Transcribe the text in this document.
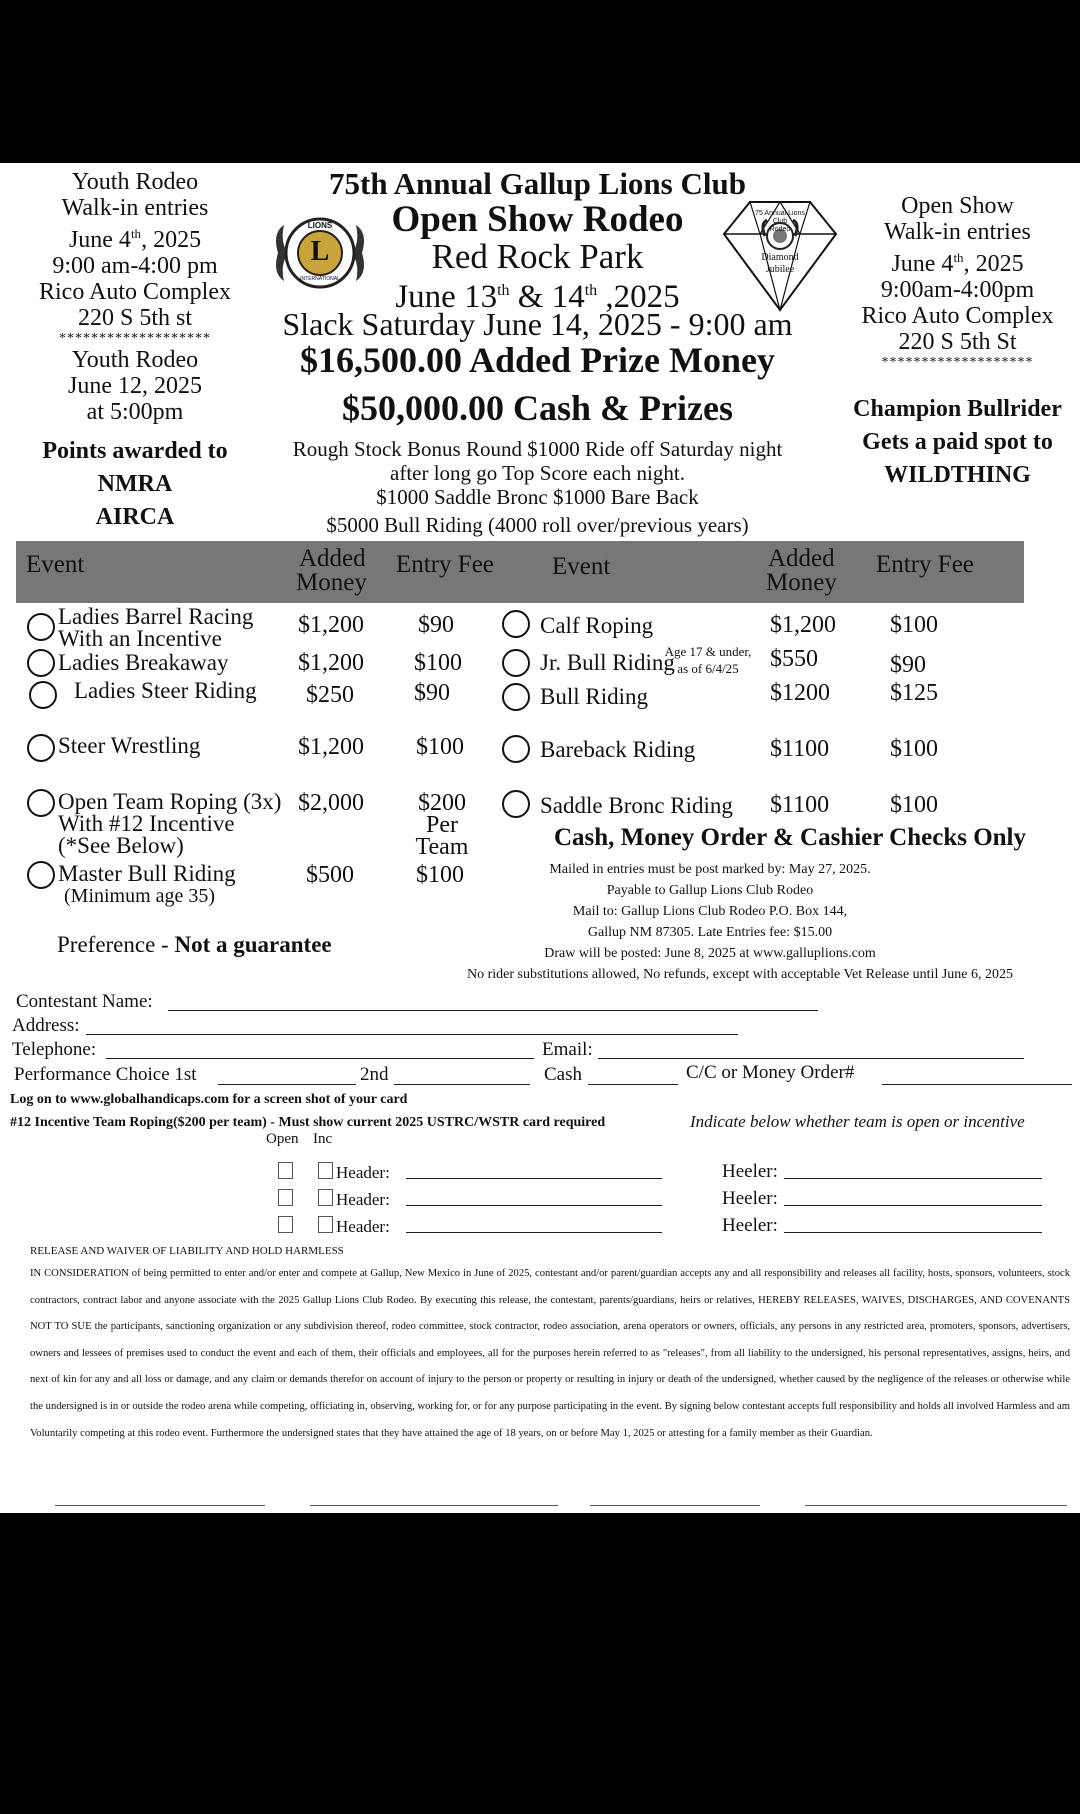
Youth Rodeo
Walk-in entries
June 4th, 2025
9:00 am-4:00 pm
Rico Auto Complex
220 S 5th st
*******************
Youth Rodeo
June 12, 2025
at 5:00pm
Points awarded to
NMRA
AIRCA
Open Show
Walk-in entries
June 4th, 2025
9:00am-4:00pm
Rico Auto Complex
220 S 5th St
*******************
Champion Bullrider
Gets a paid spot to
WILDTHING
L
LIONS
INTERNATIONAL
75 Annual Lions Club
Rodeo
Diamond
Jubilee
75th Annual Gallup Lions Club
Open Show Rodeo
Red Rock Park
June 13th & 14th ,2025
Slack Saturday June 14, 2025 - 9:00 am
$16,500.00 Added Prize Money
$50,000.00 Cash & Prizes
Rough Stock Bonus Round $1000 Ride off Saturday night
after long go Top Score each night.
$1000 Saddle Bronc $1000 Bare Back
$5000 Bull Riding (4000 roll over/previous years)
Event	Added
Money
Entry Fee Event	Added
Money
Entry Fee
Ladies Barrel Racing
With an Incentive
$1,200 $90
Ladies Breakaway	$1,200 $100
Ladies Steer Riding $250	$90
Steer Wrestling	$1,200 $100
Open Team Roping (3x)
With #12 Incentive
(*See Below)
$2,000	$200
Per
Team
Master Bull Riding
(Minimum age 35)
$500	$100
Calf Roping	$1,200 $100
Jr. Bull Riding
Age 17 & under,
as of 6/4/25	$550	$90
Bull Riding	$1200	$125
Bareback Riding	$1100	$100
Saddle Bronc Riding $1100	$100
Cash, Money Order & Cashier Checks Only
Mailed in entries must be post marked by: May 27, 2025.
Payable to Gallup Lions Club Rodeo
Mail to: Gallup Lions Club Rodeo P.O. Box 144,
Gallup NM 87305. Late Entries fee: $15.00
Draw will be posted: June 8, 2025 at www.galluplions.com
No rider substitutions allowed, No refunds, except with acceptable Vet Release until June 6, 2025
Preference - Not a guarantee
Contestant Name:
Address:
Telephone:	Email:
Performance Choice 1st	2nd	Cash	C/C or Money Order#
Log on to www.globalhandicaps.com for a screen shot of your card
#12 Incentive Team Roping($200 per team) - Must show current 2025 USTRC/WSTR card required	Indicate below whether team is open or incentive
Open Inc
Header:	Heeler:
Header:	Heeler:
Header:	Heeler:
RELEASE AND WAIVER OF LIABILITY AND HOLD HARMLESS
IN CONSIDERATION of being permitted to enter and/or enter and compete at Gallup, New Mexico in June of 2025, contestant and/or parent/guardian accepts any and all responsibility and releases all facility, hosts, sponsors, volunteers, stock contractors, contract labor and anyone associate with the 2025 Gallup Lions Club Rodeo. By executing this release, the contestant, parents/guardians, heirs or relatives, HEREBY RELEASES, WAIVES, DISCHARGES, AND COVENANTS NOT TO SUE the participants, sanctioning organization or any subdivision thereof, rodeo committee, stock contractor, rodeo association, arena operators or owners, officials, any persons in any restricted area, promoters, sponsors, advertisers, owners and lessees of premises used to conduct the event and each of them, their officials and employees, all for the purposes herein referred to as "releases", from all liability to the undersigned, his personal representatives, assigns, heirs, and next of kin for any and all loss or damage, and any claim or demands therefor on account of injury to the person or property or resulting in injury or death of the undersigned, whether caused by the negligence of the releases or otherwise while the undersigned is in or outside the rodeo arena while competing, officiating in, observing, working for, or for any purpose participating in the event. By signing below contestant accepts full responsibility and holds all involved Harmless and am Voluntarily competing at this rodeo event. Furthermore the undersigned states that they have attained the age of 18 years, on or before May 1, 2025 or attesting for a family member as their Guardian.
